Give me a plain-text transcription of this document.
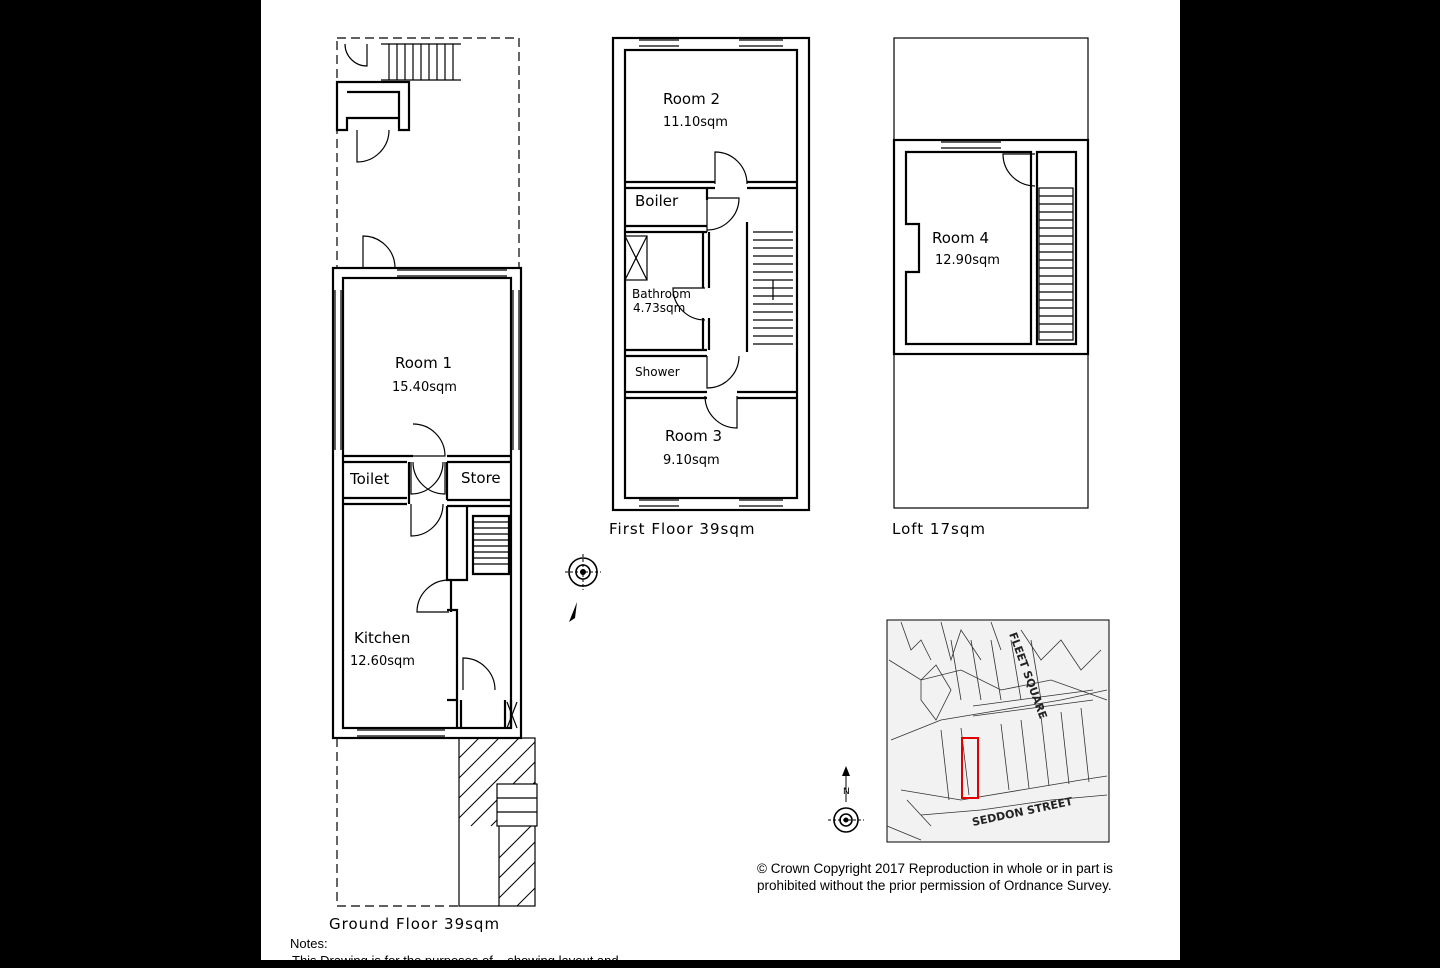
Room 1
15.40sqm
Toilet	Store
Kitchen
12.60sqm
Ground Floor 39sqm
Room 2
11.10sqm
Boiler
Bathroom
4.73sqm
Shower
Room 3
9.10sqm
First Floor 39sqm
Room 4
12.90sqm
Loft 17sqm
SEDDON STREET
FLEET SQUARE
N
© Crown Copyright 2017 Reproduction in whole or in part is prohibited without the prior permission of Ordnance Survey.
Notes:
This Drawing is for the purposes of... showing layout and
